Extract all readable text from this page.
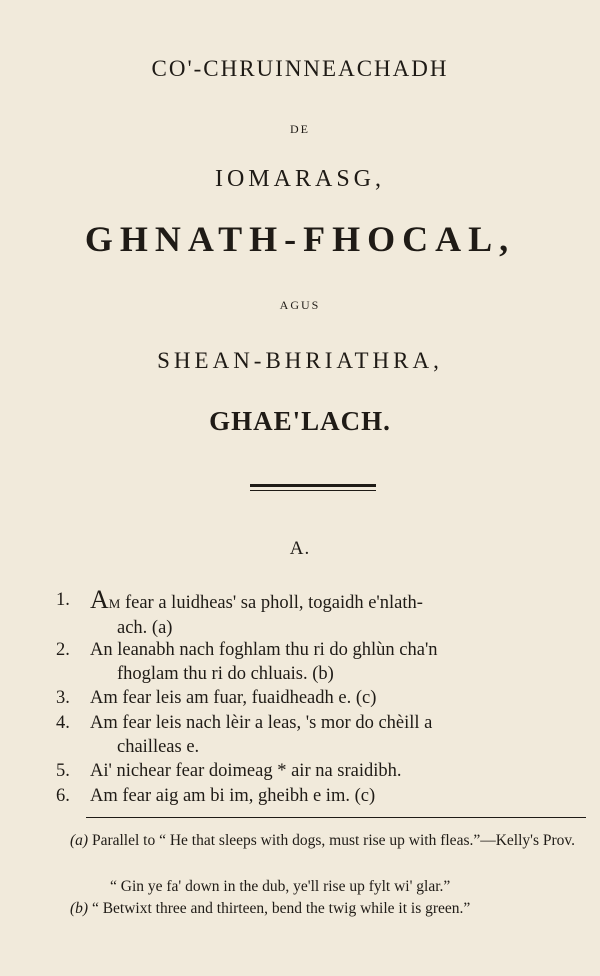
CO'-CHRUINNEACHADH
DE
IOMARASG,
GHNATH-FHOCAL,
AGUS
SHEAN-BHRIATHRA,
GHAE'LACH.
A.
1. AM fear a luidheas' sa pholl, togaidh e'nlath-
ach. (a)
2.	An leanabh nach foghlam thu ri do ghlùn cha'n
fhoglam thu ri do chluais. (b)
3.	Am fear leis am fuar, fuaidheadh e. (c)
4.	Am fear leis nach lèir a leas, 's mor do chèill a
chailleas e.
5.	Ai' nichear fear doimeag * air na sraidibh.
6.	Am fear aig am bi im, gheibh e im. (c)
(a) Parallel to “ He that sleeps with dogs, must rise up with fleas.”—Kelly's Prov.
“ Gin ye fa' down in the dub, ye'll rise up fylt wi' glar.”
(b) “ Betwixt three and thirteen, bend the twig while it is green.”
